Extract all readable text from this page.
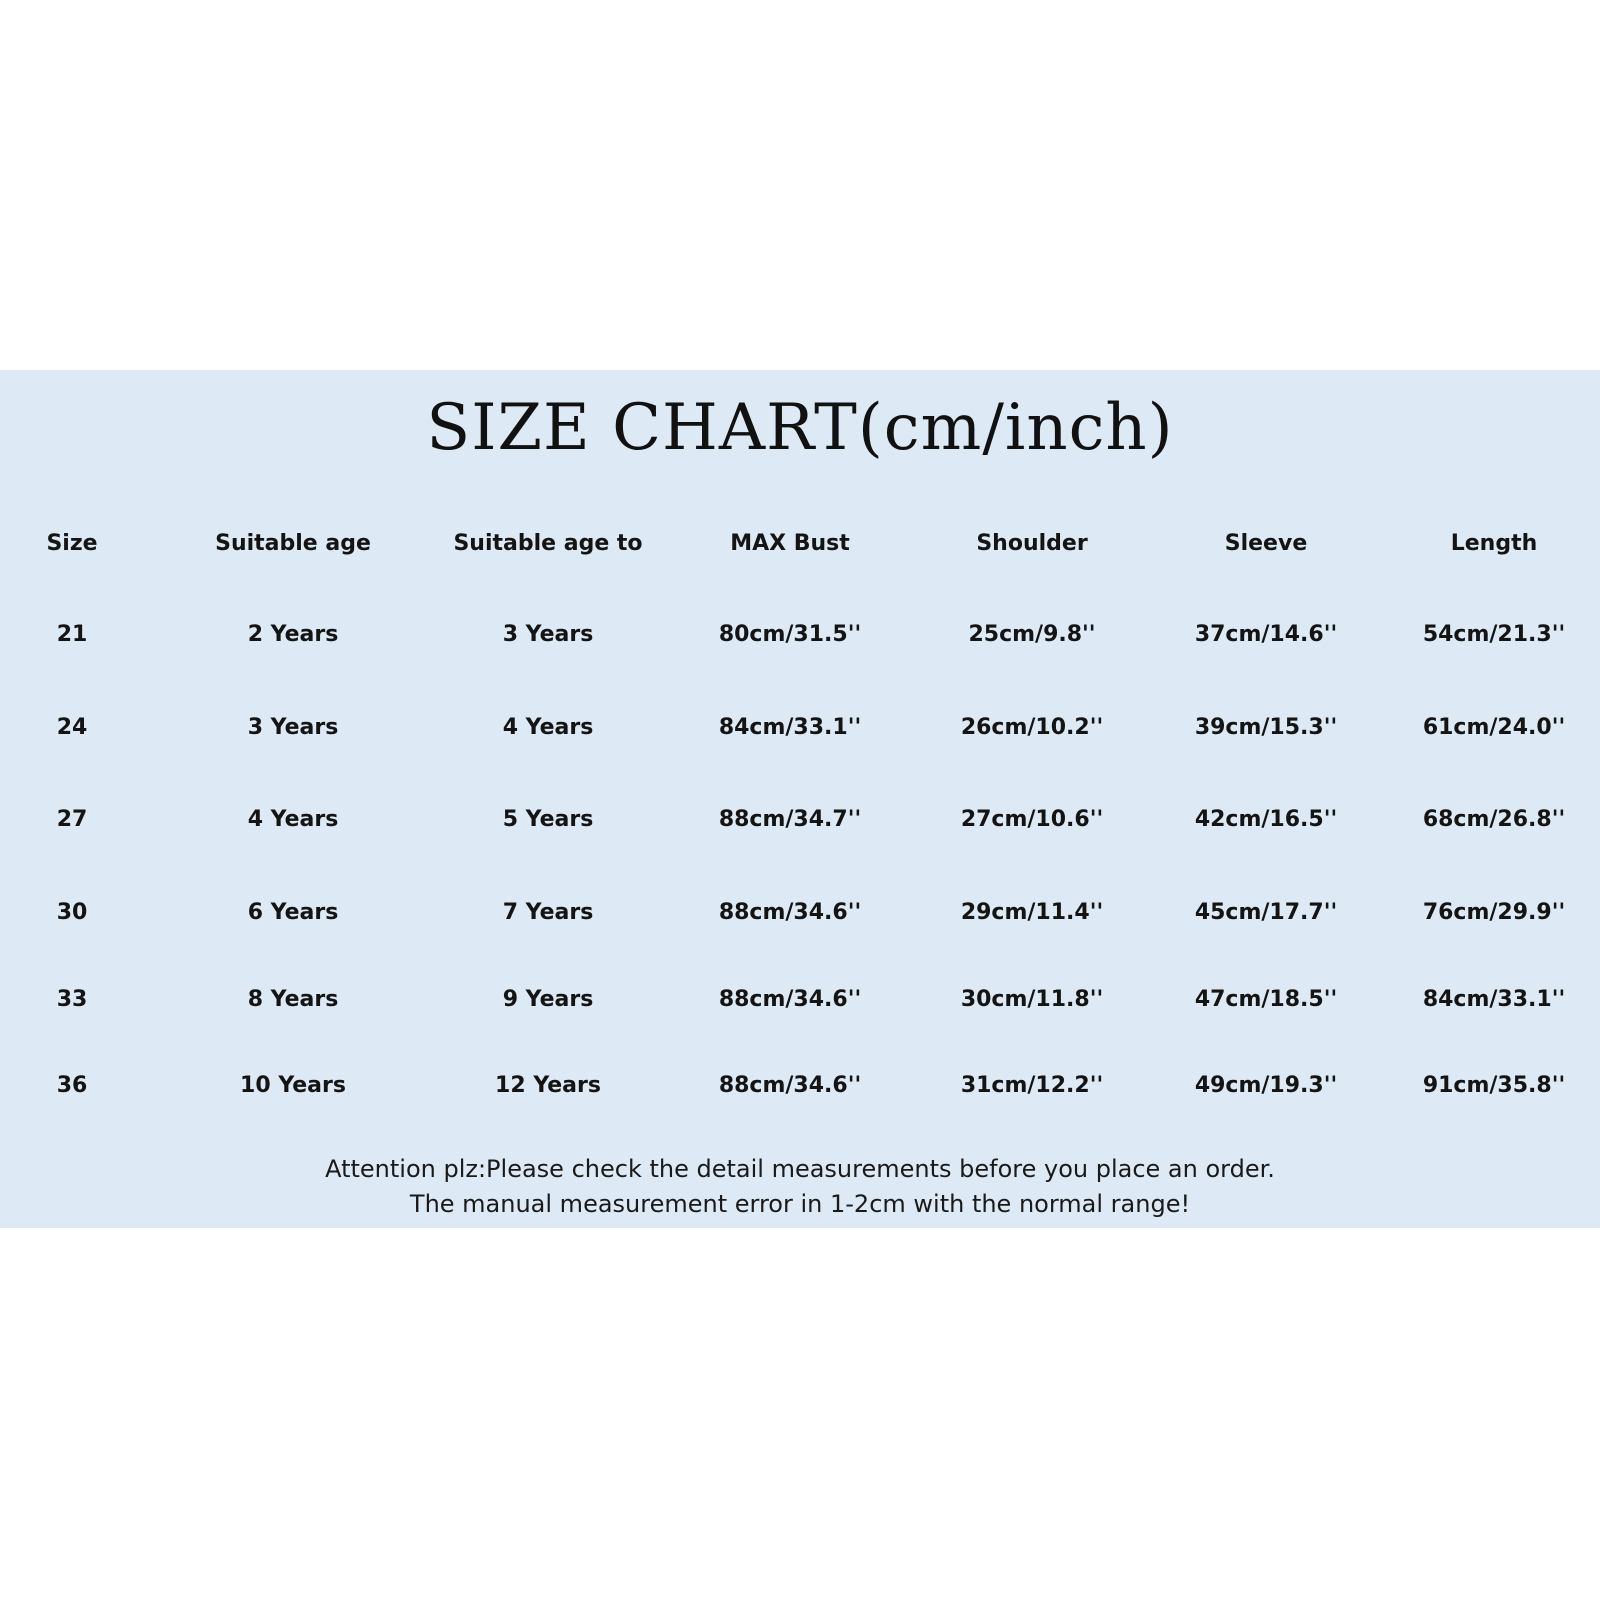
SIZE CHART(cm/inch)
Size	Suitable age	Suitable age to	MAX Bust	Shoulder	Sleeve	Length
21	2 Years	3 Years	80cm/31.5''	25cm/9.8''	37cm/14.6''	54cm/21.3''
24	3 Years	4 Years	84cm/33.1''	26cm/10.2''	39cm/15.3''	61cm/24.0''
27	4 Years	5 Years	88cm/34.7''	27cm/10.6''	42cm/16.5''	68cm/26.8''
30	6 Years	7 Years	88cm/34.6''	29cm/11.4''	45cm/17.7''	76cm/29.9''
33	8 Years	9 Years	88cm/34.6''	30cm/11.8''	47cm/18.5''	84cm/33.1''
36	10 Years	12 Years	88cm/34.6''	31cm/12.2''	49cm/19.3''	91cm/35.8''
Attention plz:Please check the detail measurements before you place an order.
The manual measurement error in 1-2cm with the normal range!
